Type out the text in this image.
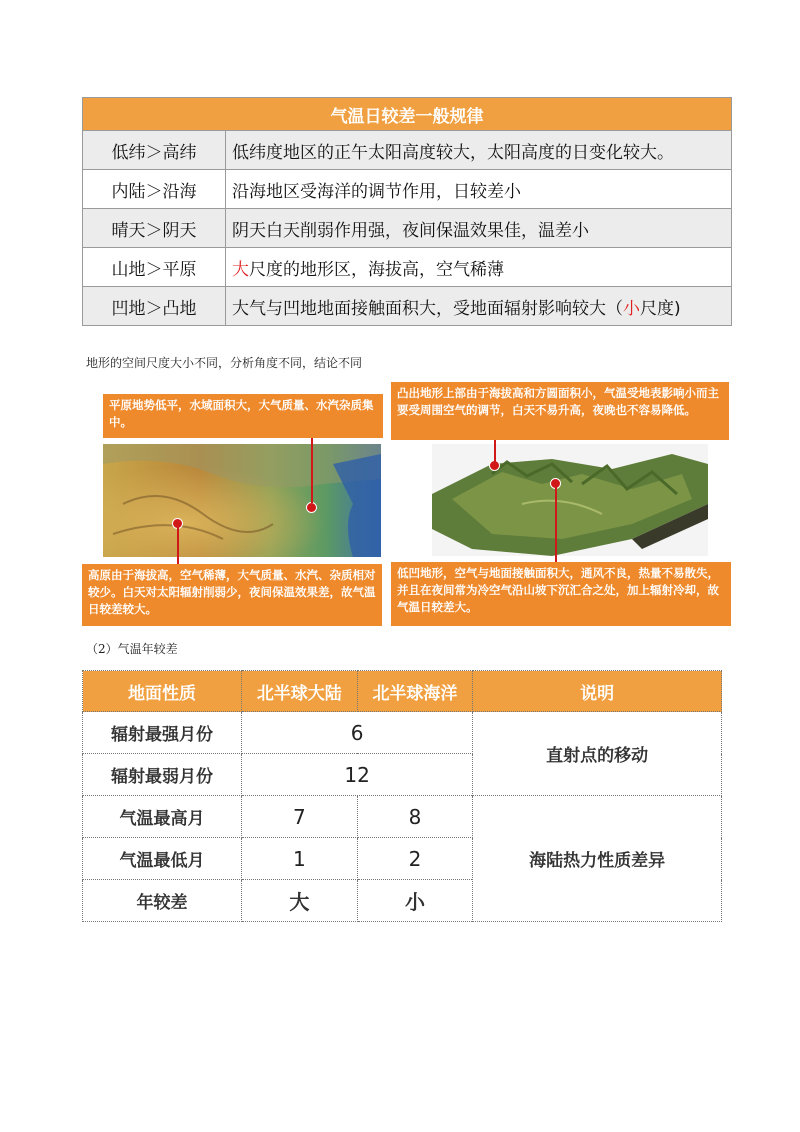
气温日较差一般规律	
低纬＞高纬	低纬度地区的正午太阳高度较大，太阳高度的日变化较大。
内陆＞沿海	沿海地区受海洋的调节作用，日较差小
晴天＞阴天	阴天白天削弱作用强，夜间保温效果佳，温差小
山地＞平原	大尺度的地形区，海拔高，空气稀薄
凹地＞凸地	大气与凹地地面接触面积大，受地面辐射影响较大（小尺度)
地形的空间尺度大小不同，分析角度不同，结论不同
平原地势低平，水域面积大，大气质量、水汽杂质集中。
高原由于海拔高，空气稀薄，大气质量、水汽、杂质相对较少。白天对太阳辐射削弱少，夜间保温效果差，故气温日较差较大。
凸出地形上部由于海拔高和方圆面积小，气温受地表影响小而主要受周围空气的调节，白天不易升高，夜晚也不容易降低。
低凹地形，空气与地面接触面积大，通风不良，热量不易散失，并且在夜间常为冷空气沿山坡下沉汇合之处，加上辐射冷却，故气温日较差大。
（2）气温年较差
地面性质	北半球大陆	北半球海洋	说明
辐射最强月份	6		直射点的移动
辐射最弱月份	12		
气温最高月	7	8	海陆热力性质差异
气温最低月	1	2	
年较差	大	小	
